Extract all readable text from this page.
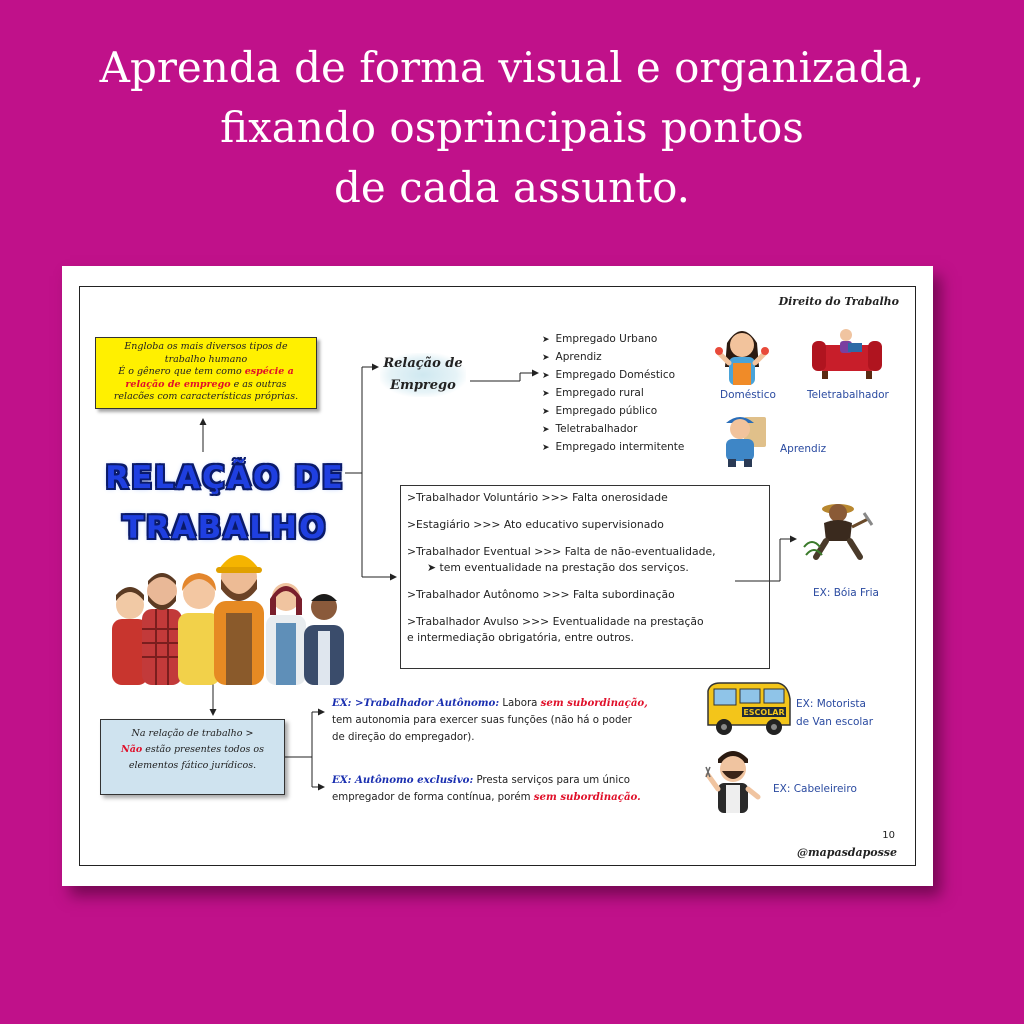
Aprenda de forma visual e organizada,
fixando osprincipais pontos
de cada assunto.
Direito do Trabalho
Engloba os mais diversos tipos de
trabalho humano
É o gênero que tem como espécie a
relação de emprego e as outras
relacões com características próprias.
RELAÇÃO DE
TRABALHO
Relação de
Emprego
➤ Empregado Urbano
➤ Aprendiz
➤ Empregado Doméstico
➤ Empregado rural
➤ Empregado público
➤ Teletrabalhador
➤ Empregado intermitente
Doméstico	Teletrabalhador
Aprendiz
>Trabalhador Voluntário >>> Falta onerosidade
>Estagiário >>> Ato educativo supervisionado
>Trabalhador Eventual >>> Falta de não-eventualidade,
➤ tem eventualidade na prestação dos serviços.
>Trabalhador Autônomo >>> Falta subordinação
>Trabalhador Avulso >>> Eventualidade na prestação
e intermediação obrigatória, entre outros.
EX: Bóia Fria
Na relação de trabalho >
Não estão presentes todos os
elementos fático jurídicos.
EX: >Trabalhador Autônomo: Labora sem subordinação,
tem autonomia para exercer suas funções (não há o poder
de direção do empregador).
EX: Autônomo exclusivo: Presta serviços para um único
empregador de forma contínua, porém sem subordinação.
ESCOLAR
EX: Motorista
de Van escolar
EX: Cabeleireiro
10
@mapasdaposse
